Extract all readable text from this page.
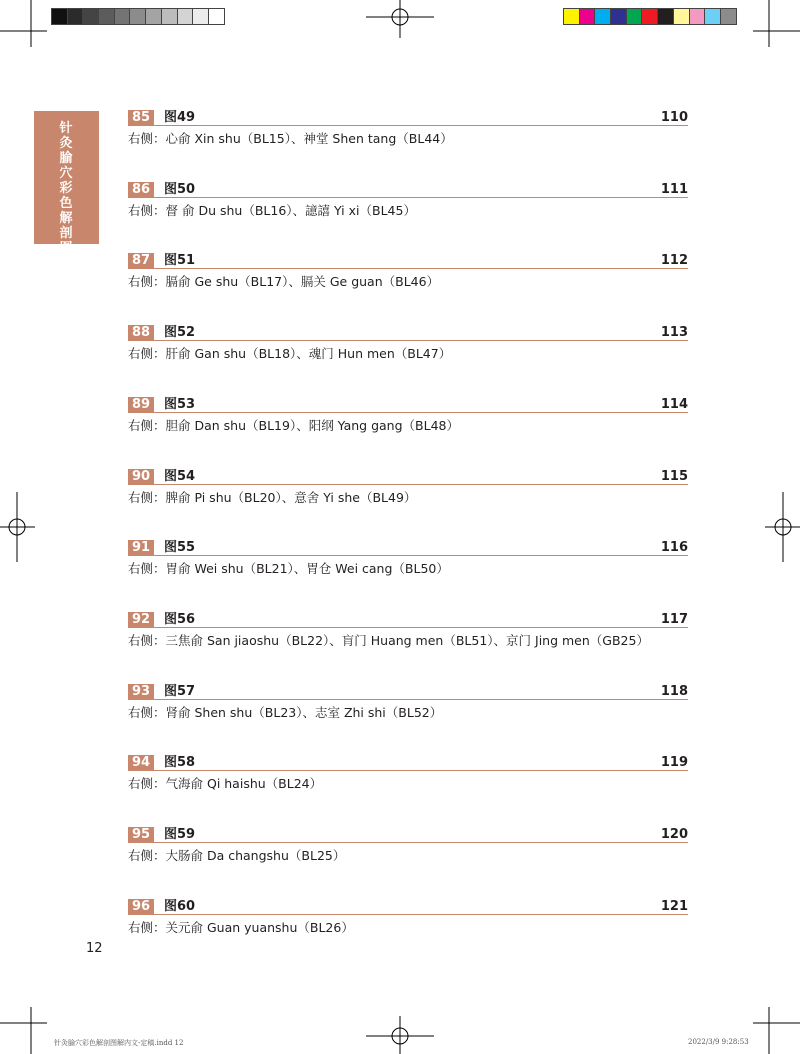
针灸腧穴彩色解剖图解
85	图49	110
右侧：心俞 Xin shu（BL15）、神堂 Shen tang（BL44）
86	图50	111
右侧：督 俞 Du shu（BL16）、譩譆 Yi xi（BL45）
87	图51	112
右侧：膈俞 Ge shu（BL17）、膈关 Ge guan（BL46）
88	图52	113
右侧：肝俞 Gan shu（BL18）、魂门 Hun men（BL47）
89	图53	114
右侧：胆俞 Dan shu（BL19）、阳纲 Yang gang（BL48）
90	图54	115
右侧：脾俞 Pi shu（BL20）、意舍 Yi she（BL49）
91	图55	116
右侧：胃俞 Wei shu（BL21）、胃仓 Wei cang（BL50）
92	图56	117
右侧：三焦俞 San jiaoshu（BL22）、肓门 Huang men（BL51）、京门 Jing men（GB25）
93	图57	118
右侧：肾俞 Shen shu（BL23）、志室 Zhi shi（BL52）
94	图58	119
右侧：气海俞 Qi haishu（BL24）
95	图59	120
右侧：大肠俞 Da changshu（BL25）
96	图60	121
右侧：关元俞 Guan yuanshu（BL26）
12
针灸腧穴彩色解剖图解内文-定稿.indd 12	2022/3/9 9:28:53
